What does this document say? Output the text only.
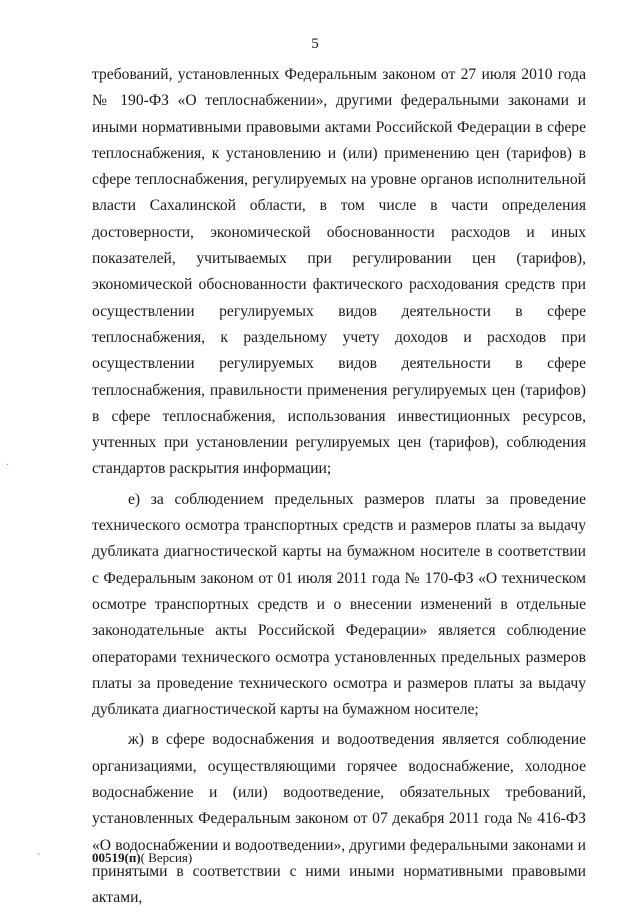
5

требований, установленных Федеральным законом от 27 июля 2010 года № 190-ФЗ «О теплоснабжении», другими федеральными законами и иными нормативными правовыми актами Российской Федерации в сфере теплоснабжения, к установлению и (или) применению цен (тарифов) в сфере теплоснабжения, регулируемых на уровне органов исполнительной власти Сахалинской области, в том числе в части определения достоверности, экономической обоснованности расходов и иных показателей, учитываемых при регулировании цен (тарифов), экономической обоснованности фактического расходования средств при осуществлении регулируемых видов деятельности в сфере теплоснабжения, к раздельному учету доходов и расходов при осуществлении регулируемых видов деятельности в сфере теплоснабжения, правильности применения регулируемых цен (тарифов) в сфере теплоснабжения, использования инвестиционных ресурсов, учтенных при установлении регулируемых цен (тарифов), соблюдения стандартов раскрытия информации;

е) за соблюдением предельных размеров платы за проведение технического осмотра транспортных средств и размеров платы за выдачу дубликата диагностической карты на бумажном носителе в соответствии с Федеральным законом от 01 июля 2011 года № 170-ФЗ «О техническом осмотре транспортных средств и о внесении изменений в отдельные законодательные акты Российской Федерации» является соблюдение операторами технического осмотра установленных предельных размеров платы за проведение технического осмотра и размеров платы за выдачу дубликата диагностической карты на бумажном носителе;

ж) в сфере водоснабжения и водоотведения является соблюдение организациями, осуществляющими горячее водоснабжение, холодное водоснабжение и (или) водоотведение, обязательных требований, установленных Федеральным законом от 07 декабря 2011 года № 416-ФЗ «О водоснабжении и водоотведении», другими федеральными законами и принятыми в соответствии с ними иными нормативными правовыми актами,

00519(п)( Версия)
·
'
